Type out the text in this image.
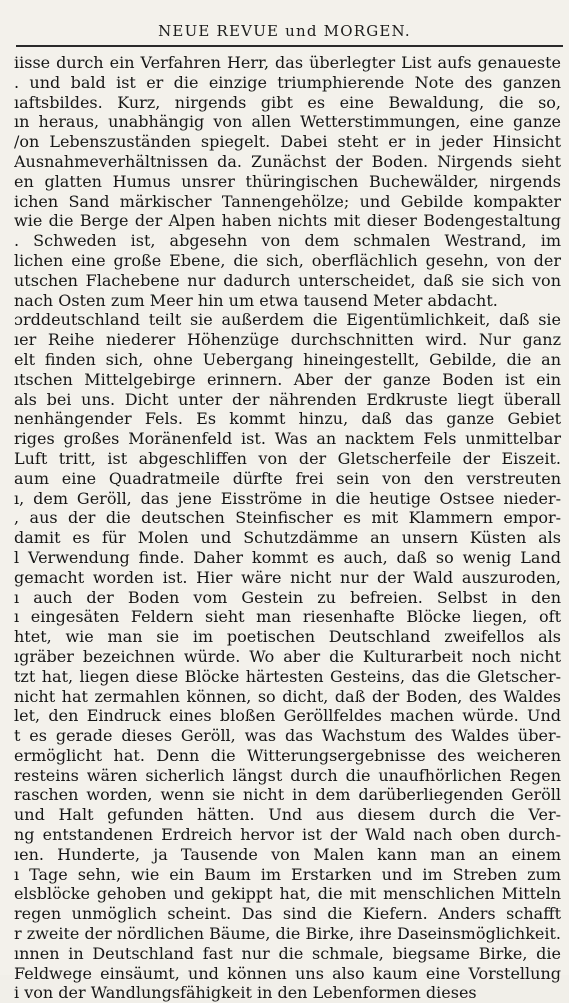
NEUE REVUE und MORGEN.
iisse durch ein Verfahren Herr, das überlegter List aufs genaueste
. und bald ist er die einzige triumphierende Note des ganzen
ıaftsbildes. Kurz, nirgends gibt es eine Bewaldung, die so,
ın heraus, unabhängig von allen Wetterstimmungen, eine ganze
/on Lebenszuständen spiegelt. Dabei steht er in jeder Hinsicht
Ausnahmeverhältnissen da. Zunächst der Boden. Nirgends sieht
en glatten Humus unsrer thüringischen Buchewälder, nirgends
ichen Sand märkischer Tannengehölze; und Gebilde kompakter
wie die Berge der Alpen haben nichts mit dieser Bodengestaltung
. Schweden ist, abgesehn von dem schmalen Westrand, im
lichen eine große Ebene, die sich, oberflächlich gesehn, von der
utschen Flachebene nur dadurch unterscheidet, daß sie sich von
nach Osten zum Meer hin um etwa tausend Meter abdacht.
ɔrddeutschland teilt sie außerdem die Eigentümlichkeit, daß sie
ıer Reihe niederer Höhenzüge durchschnitten wird. Nur ganz
elt finden sich, ohne Uebergang hineingestellt, Gebilde, die an
ıtschen Mittelgebirge erinnern. Aber der ganze Boden ist ein
als bei uns. Dicht unter der nährenden Erdkruste liegt überall
nenhängender Fels. Es kommt hinzu, daß das ganze Gebiet
riges großes Moränenfeld ist. Was an nacktem Fels unmittelbar
Luft tritt, ist abgeschliffen von der Gletscherfeile der Eiszeit.
aum eine Quadratmeile dürfte frei sein von den verstreuten
ı, dem Geröll, das jene Eisströme in die heutige Ostsee nieder-
, aus der die deutschen Steinfischer es mit Klammern empor-
damit es für Molen und Schutzdämme an unsern Küsten als
l Verwendung finde. Daher kommt es auch, daß so wenig Land
gemacht worden ist. Hier wäre nicht nur der Wald auszuroden,
ı auch der Boden vom Gestein zu befreien. Selbst in den
ı eingesäten Feldern sieht man riesenhafte Blöcke liegen, oft
htet, wie man sie im poetischen Deutschland zweifellos als
ıgräber bezeichnen würde. Wo aber die Kulturarbeit noch nicht
tzt hat, liegen diese Blöcke härtesten Gesteins, das die Gletscher-
nicht hat zermahlen können, so dicht, daß der Boden, des Waldes
let, den Eindruck eines bloßen Geröllfeldes machen würde. Und
t es gerade dieses Geröll, was das Wachstum des Waldes über-
ermöglicht hat. Denn die Witterungsergebnisse des weicheren
resteins wären sicherlich längst durch die unaufhörlichen Regen
raschen worden, wenn sie nicht in dem darüberliegenden Geröll
und Halt gefunden hätten. Und aus diesem durch die Ver-
ng entstandenen Erdreich hervor ist der Wald nach oben durch-
ıen. Hunderte, ja Tausende von Malen kann man an einem
ı Tage sehn, wie ein Baum im Erstarken und im Streben zum
elsblöcke gehoben und gekippt hat, die mit menschlichen Mitteln
regen unmöglich scheint. Das sind die Kiefern. Anders schafft
r zweite der nördlichen Bäume, die Birke, ihre Daseinsmöglichkeit.
ınnen in Deutschland fast nur die schmale, biegsame Birke, die
Feldwege einsäumt, und können uns also kaum eine Vorstellung
i von der Wandlungsfähigkeit in den Lebenformen dieses
